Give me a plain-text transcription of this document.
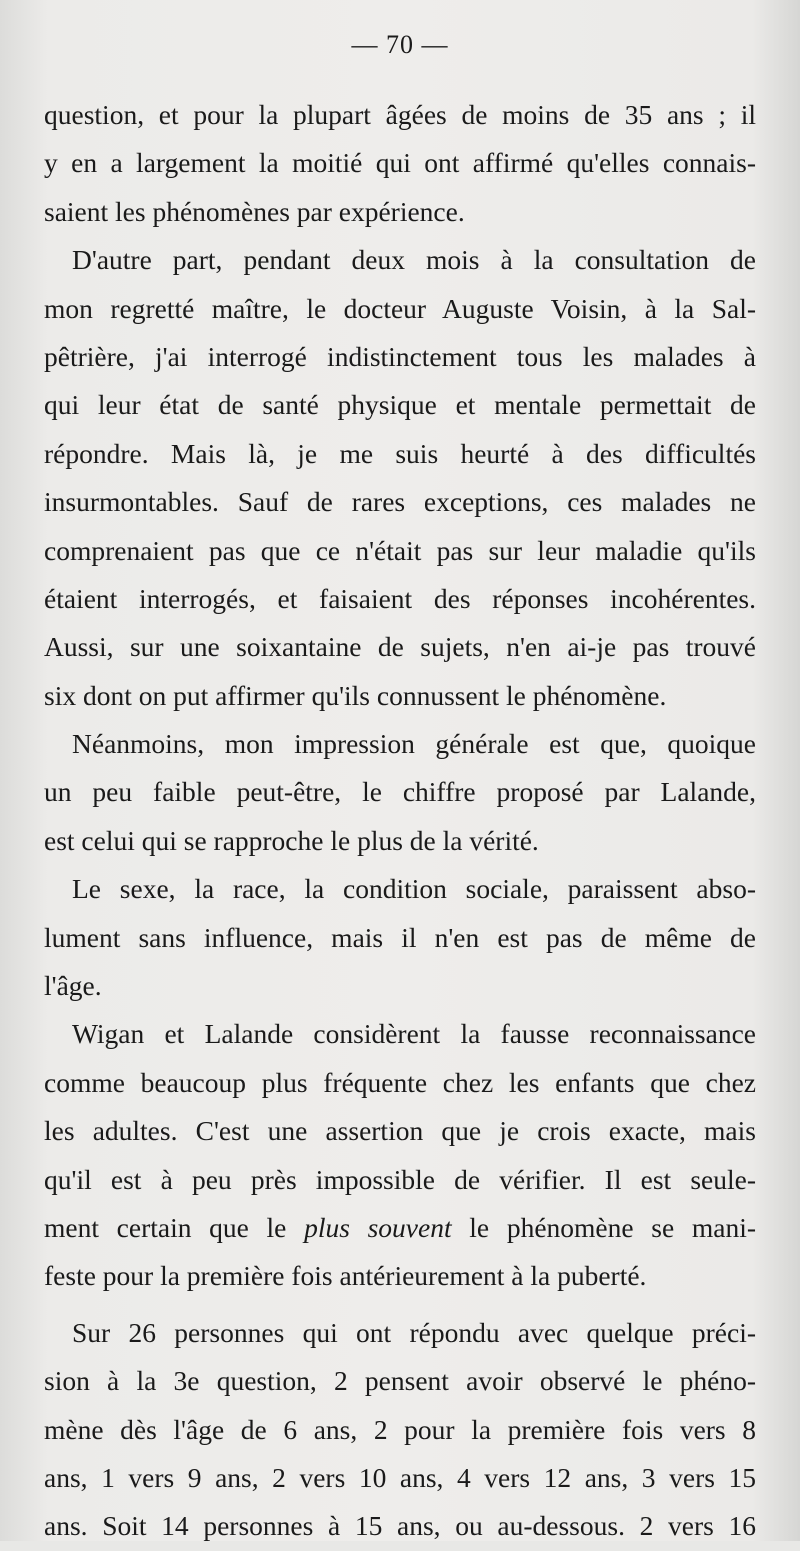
— 70 —
question, et pour la plupart âgées de moins de 35 ans ; il
y en a largement la moitié qui ont affirmé qu'elles connais-
saient les phénomènes par expérience.
D'autre part, pendant deux mois à la consultation de
mon regretté maître, le docteur Auguste Voisin, à la Sal-
pêtrière, j'ai interrogé indistinctement tous les malades à
qui leur état de santé physique et mentale permettait de
répondre. Mais là, je me suis heurté à des difficultés
insurmontables. Sauf de rares exceptions, ces malades ne
comprenaient pas que ce n'était pas sur leur maladie qu'ils
étaient interrogés, et faisaient des réponses incohérentes.
Aussi, sur une soixantaine de sujets, n'en ai-je pas trouvé
six dont on put affirmer qu'ils connussent le phénomène.
Néanmoins, mon impression générale est que, quoique
un peu faible peut-être, le chiffre proposé par Lalande,
est celui qui se rapproche le plus de la vérité.
Le sexe, la race, la condition sociale, paraissent abso-
lument sans influence, mais il n'en est pas de même de
l'âge.
Wigan et Lalande considèrent la fausse reconnaissance
comme beaucoup plus fréquente chez les enfants que chez
les adultes. C'est une assertion que je crois exacte, mais
qu'il est à peu près impossible de vérifier. Il est seule-
ment certain que le plus souvent le phénomène se mani-
feste pour la première fois antérieurement à la puberté.
Sur 26 personnes qui ont répondu avec quelque préci-
sion à la 3e question, 2 pensent avoir observé le phéno-
mène dès l'âge de 6 ans, 2 pour la première fois vers 8
ans, 1 vers 9 ans, 2 vers 10 ans, 4 vers 12 ans, 3 vers 15
ans. Soit 14 personnes à 15 ans, ou au-dessous. 2 vers 16
